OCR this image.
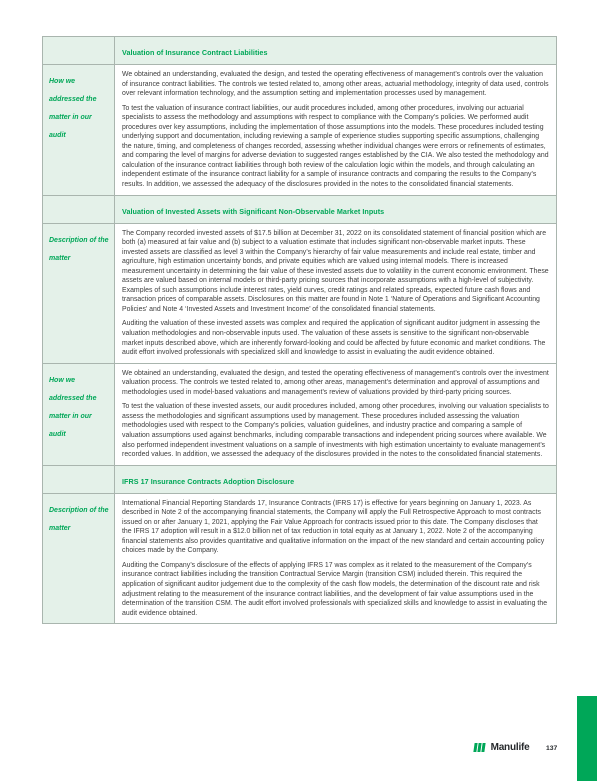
Valuation of Insurance Contract Liabilities
How we addressed the matter in our audit

We obtained an understanding, evaluated the design, and tested the operating effectiveness of management’s controls over the valuation of insurance contract liabilities. The controls we tested related to, among other areas, actuarial methodology, integrity of data used, controls over relevant information technology, and the assumption setting and implementation processes used by management.

To test the valuation of insurance contract liabilities, our audit procedures included, among other procedures, involving our actuarial specialists to assess the methodology and assumptions with respect to compliance with the Company’s policies. We performed audit procedures over key assumptions, including the implementation of those assumptions into the models. These procedures included testing underlying support and documentation, including reviewing a sample of experience studies supporting specific assumptions, challenging the nature, timing, and completeness of changes recorded, assessing whether individual changes were errors or refinements of estimates, and comparing the level of margins for adverse deviation to suggested ranges established by the CIA. We also tested the methodology and calculation of the insurance contract liabilities through both review of the calculation logic within the models, and through calculating an independent estimate of the insurance contract liability for a sample of insurance contracts and comparing the results to the Company’s results. In addition, we assessed the adequacy of the disclosures provided in the notes to the consolidated financial statements.

Valuation of Invested Assets with Significant Non-Observable Market Inputs
Description of the matter

The Company recorded invested assets of $17.5 billion at December 31, 2022 on its consolidated statement of financial position which are both (a) measured at fair value and (b) subject to a valuation estimate that includes significant non-observable market inputs. These invested assets are classified as level 3 within the Company’s hierarchy of fair value measurements and include real estate, timber and agriculture, high estimation uncertainty bonds, and private equities which are valued using internal models. There is increased measurement uncertainty in determining the fair value of these invested assets due to volatility in the current economic environment. These assets are valued based on internal models or third-party pricing sources that incorporate assumptions with a high-level of subjectivity. Examples of such assumptions include interest rates, yield curves, credit ratings and related spreads, expected future cash flows and transaction prices of comparable assets. Disclosures on this matter are found in Note 1 ‘Nature of Operations and Significant Accounting Policies’ and Note 4 ‘Invested Assets and Investment Income’ of the consolidated financial statements.

Auditing the valuation of these invested assets was complex and required the application of significant auditor judgment in assessing the valuation methodologies and non-observable inputs used. The valuation of these assets is sensitive to the significant non-observable market inputs described above, which are inherently forward-looking and could be affected by future economic and market conditions. The audit effort involved professionals with specialized skill and knowledge to assist in evaluating the audit evidence obtained.

How we addressed the matter in our audit

We obtained an understanding, evaluated the design, and tested the operating effectiveness of management’s controls over the investment valuation process. The controls we tested related to, among other areas, management’s determination and approval of assumptions and methodologies used in model-based valuations and management’s review of valuations provided by third-party pricing sources.

To test the valuation of these invested assets, our audit procedures included, among other procedures, involving our valuation specialists to assess the methodologies and significant assumptions used by management. These procedures included assessing the valuation methodologies used with respect to the Company’s policies, valuation guidelines, and industry practice and comparing a sample of valuation assumptions used against benchmarks, including comparable transactions and independent pricing sources where available. We also performed independent investment valuations on a sample of investments with high estimation uncertainty to evaluate management’s recorded values. In addition, we assessed the adequacy of the disclosures provided in the notes to the consolidated financial statements.

IFRS 17 Insurance Contracts Adoption Disclosure
Description of the matter

International Financial Reporting Standards 17, Insurance Contracts (IFRS 17) is effective for years beginning on January 1, 2023. As described in Note 2 of the accompanying financial statements, the Company will apply the Full Retrospective Approach to most contracts issued on or after January 1, 2021, applying the Fair Value Approach for contracts issued prior to this date. The Company discloses that the IFRS 17 adoption will result in a $12.0 billion net of tax reduction in total equity as at January 1, 2022. Note 2 of the accompanying financial statements also provides quantitative and qualitative information on the impact of the new standard and certain accounting policy choices made by the Company.

Auditing the Company’s disclosure of the effects of applying IFRS 17 was complex as it related to the measurement of the Company’s insurance contract liabilities including the transition Contractual Service Margin (transition CSM) included therein. This required the application of significant auditor judgement due to the complexity of the cash flow models, the determination of the discount rate and risk adjustment relating to the measurement of the insurance contract liabilities, and the development of fair value assumptions used in the determination of the transition CSM. The audit effort involved professionals with specialized skills and knowledge to assist in evaluating the audit evidence obtained.

Manulife 137
